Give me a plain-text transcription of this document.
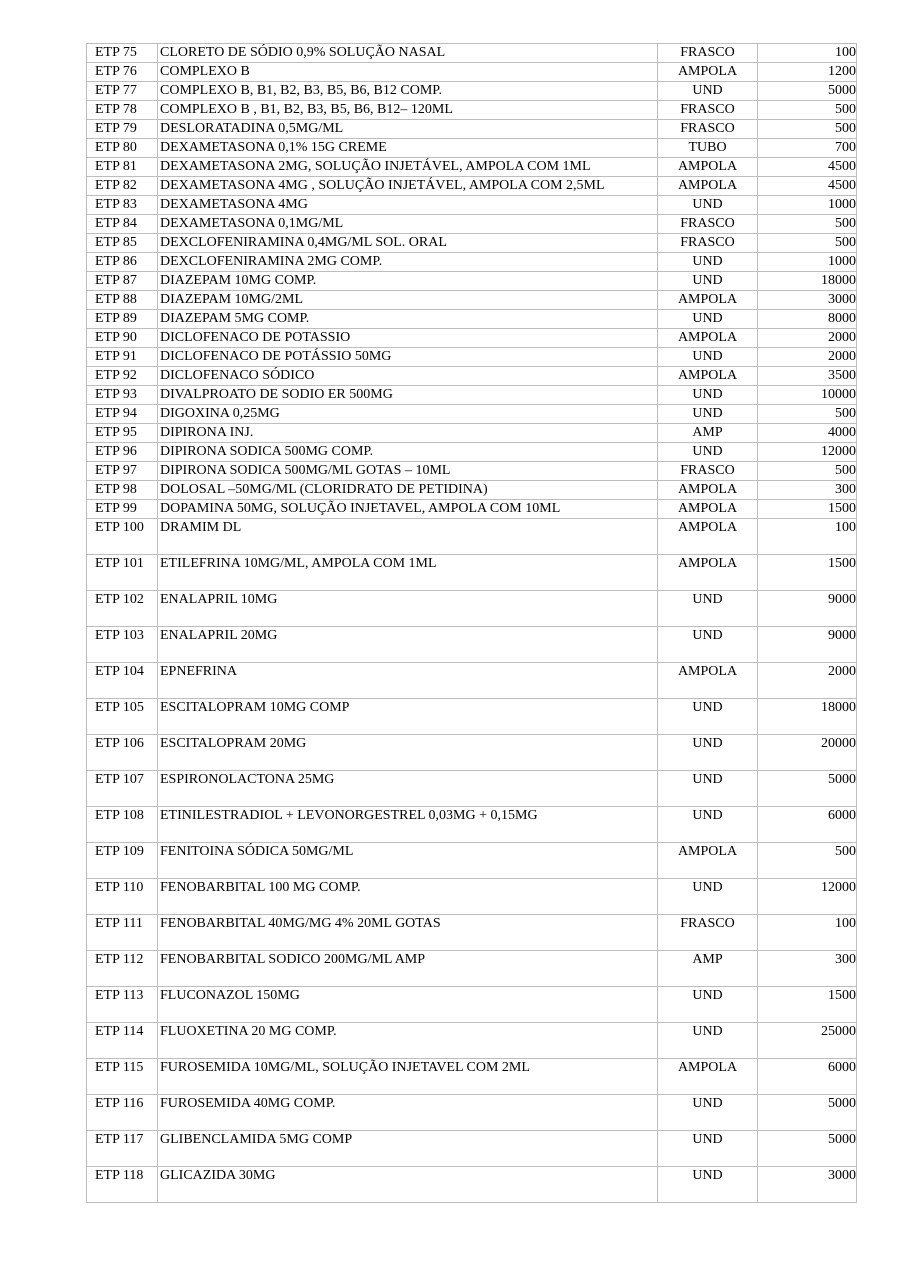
ETP 75	CLORETO DE SÓDIO 0,9% SOLUÇÃO NASAL	FRASCO	100
ETP 76	COMPLEXO B	AMPOLA	1200
ETP 77	COMPLEXO B, B1, B2, B3, B5, B6, B12 COMP.	UND	5000
ETP 78	COMPLEXO B , B1, B2, B3, B5, B6, B12– 120ML	FRASCO	500
ETP 79	DESLORATADINA 0,5MG/ML	FRASCO	500
ETP 80	DEXAMETASONA 0,1% 15G CREME	TUBO	700
ETP 81	DEXAMETASONA 2MG, SOLUÇÃO INJETÁVEL, AMPOLA COM 1ML	AMPOLA	4500
ETP 82	DEXAMETASONA 4MG , SOLUÇÃO INJETÁVEL, AMPOLA COM 2,5ML	AMPOLA	4500
ETP 83	DEXAMETASONA 4MG	UND	1000
ETP 84	DEXAMETASONA 0,1MG/ML	FRASCO	500
ETP 85	DEXCLOFENIRAMINA 0,4MG/ML SOL. ORAL	FRASCO	500
ETP 86	DEXCLOFENIRAMINA 2MG COMP.	UND	1000
ETP 87	DIAZEPAM 10MG COMP.	UND	18000
ETP 88	DIAZEPAM 10MG/2ML	AMPOLA	3000
ETP 89	DIAZEPAM 5MG COMP.	UND	8000
ETP 90	DICLOFENACO DE POTASSIO	AMPOLA	2000
ETP 91	DICLOFENACO DE POTÁSSIO 50MG	UND	2000
ETP 92	DICLOFENACO SÓDICO	AMPOLA	3500
ETP 93	DIVALPROATO DE SODIO ER 500MG	UND	10000
ETP 94	DIGOXINA 0,25MG	UND	500
ETP 95	DIPIRONA INJ.	AMP	4000
ETP 96	DIPIRONA SODICA 500MG COMP.	UND	12000
ETP 97	DIPIRONA SODICA 500MG/ML GOTAS – 10ML	FRASCO	500
ETP 98	DOLOSAL –50MG/ML (CLORIDRATO DE PETIDINA)	AMPOLA	300
ETP 99	DOPAMINA 50MG, SOLUÇÃO INJETAVEL, AMPOLA COM 10ML	AMPOLA	1500
ETP 100	DRAMIM DL	AMPOLA	100
ETP 101	ETILEFRINA 10MG/ML, AMPOLA COM 1ML	AMPOLA	1500
ETP 102	ENALAPRIL 10MG	UND	9000
ETP 103	ENALAPRIL 20MG	UND	9000
ETP 104	EPNEFRINA	AMPOLA	2000
ETP 105	ESCITALOPRAM 10MG COMP	UND	18000
ETP 106	ESCITALOPRAM 20MG	UND	20000
ETP 107	ESPIRONOLACTONA 25MG	UND	5000
ETP 108	ETINILESTRADIOL + LEVONORGESTREL 0,03MG + 0,15MG	UND	6000
ETP 109	FENITOINA SÓDICA 50MG/ML	AMPOLA	500
ETP 110	FENOBARBITAL 100 MG COMP.	UND	12000
ETP 111	FENOBARBITAL 40MG/MG 4% 20ML GOTAS	FRASCO	100
ETP 112	FENOBARBITAL SODICO 200MG/ML AMP	AMP	300
ETP 113	FLUCONAZOL 150MG	UND	1500
ETP 114	FLUOXETINA 20 MG COMP.	UND	25000
ETP 115	FUROSEMIDA 10MG/ML, SOLUÇÃO INJETAVEL COM 2ML	AMPOLA	6000
ETP 116	FUROSEMIDA 40MG COMP.	UND	5000
ETP 117	GLIBENCLAMIDA 5MG COMP	UND	5000
ETP 118	GLICAZIDA 30MG	UND	3000
